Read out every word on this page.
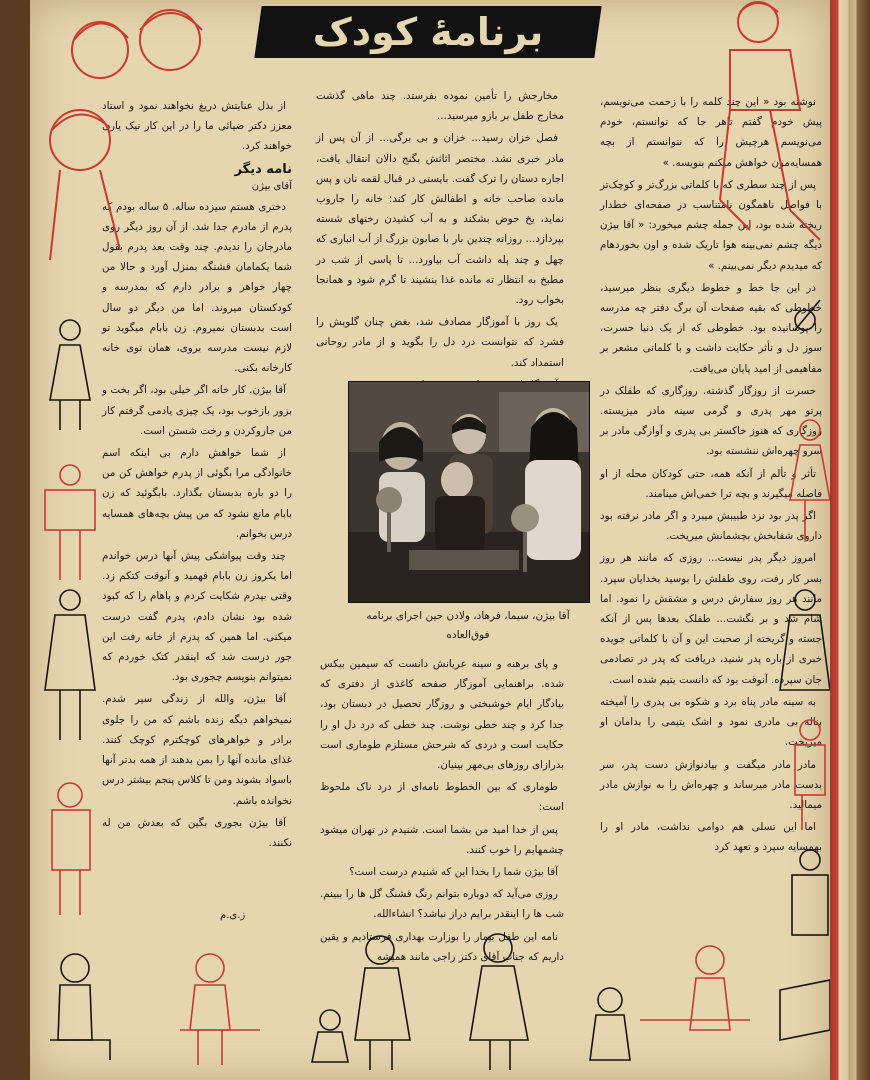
برنامهٔ کودک

نوشته بود « این چند کلمه را با زحمت می‌نویسم، پیش خودم گفتم تاهر جا که توانستم، خودم می‌نویسم هرچیش را که نتوانستم از بچه همسایه‌مون خواهش میکنم بنویسه. »

پس از چند سطری که با کلماتی بزرگ‌تر و کوچک‌تر با فواصل ناهمگون نامتناسب در صفحه‌ای خطدار ریخته شده بود، این جمله چشم میخورد: « آقا بیژن دیگه چشم نمی‌بینه هوا تاریک شده و اون بخوردهام که میدیدم دیگر نمی‌بینم. »

در این جا خط و خطوط دیگری بنظر میرسید، خطوطی که بقیه صفحات آن برگ دفتر چه مدرسه را پوشانیده بود. خطوطی که از یک دنیا حسرت، سوز دل و تأثر حکایت داشت و با کلماتی مشعر بر مفاهیمی از امید پایان می‌یافت.

حسرت از روزگار گذشته. روزگاری که طفلک در پرتو مهر پدری و گرمی سینه مادر میزیسته. روزگاری که هنوز خاکستر بی پدری و آوارگی مادر بر سرو چهره‌اش ننشسته بود.

تأثر و تألم از آنکه همه، حتی کودکان محله از او فاصله میگیرند و بچه ترا خمی‌اش مینامند.

اگر پدر بود نزد طبیبش میبرد و اگر مادر نرفته بود داروی شفابخش بچشمانش میریخت.

امروز دیگر پدر نیست... روزی که مانند هر روز بسر کار رفت، روی طفلش را بوسید بخدایان سپرد. مانند هر روز سفارش درس و مشقش را نمود. اما شام شد و بر نگشت... طفلک بعدها پس از آنکه جسته و گریخته از صحبت این و آن با کلماتی جویده خبری از باره پدر شنید، دریافت که پدر در تصادمی جان سپرده. آنوقت بود که دانست یتیم شده است.

به سینه مادر پناه برد و شکوه بی پدری را آمیخته بناله بی مادری نمود و اشک یتیمی را بدامان او میریخت.

مادر مادر میگفت و بیادنوازش دست پدر، سر بدست مادر میرساند و چهره‌اش را به نوازش مادر میمالید.

اما این تسلی هم دوامی نداشت، مادر او را بهمسایه سپرد و تعهد کرد

مخارجش را تأمین نموده بفرستد. چند ماهی گذشت مخارج طفل بر بازو میرسید...

فصل خزان رسید... خزان و بی برگی... از آن پس از مادر خبری نشد. مختصر اثاثش بگنج دالان انتقال یافت، اجاره دستان را ترک گفت. بایستی در قبال لقمه نان و پس مانده صاحب خانه و اطفالش کار کند: خانه را جاروب نماید، یخ حوض بشکند و به آب کشیدن رختهای شسته بپردازد... روزانه چندین بار با صابون بزرگ از آب انباری که چهل و چند پله داشت آب بیاورد... تا پاسی از شب در مطبخ به انتظار ته مانده غذا بنشیند تا گرم شود و همانجا بخواب رود.

یک روز با آموزگار مصادف شد، بغض چنان گلویش را فشرد که نتوانست درد دل را بگوید و از مادر روحانی استمداد کند.

آقا بیژن، سیما، فرهاد، ولادن حین اجرای برنامه فوق‌العاده

و پای برهنه و سینه عریانش دانست که سیمین بیکس شده. براهنمایی آموزگار صفحه کاغذی از دفتری که بیادگار ایام خوشبختی و روزگار تحصیل در دبستان بود، جدا کرد و چند خطی نوشت. چند خطی که درد دل او را حکایت است و دردی که شرحش مستلزم طوماری است بدرازای روزهای بی‌مهر بینیان.

طوماری که بین الخطوط نامه‌ای از درد ناک ملحوظ است:

پس از خدا امید من بشما است. شنیدم در تهران میشود چشمهایم را خوب کنند.

آقا بیژن شما را بخدا این که شنیدم درست است؟

روزی می‌آید که دوباره بتوانم رنگ قشنگ گل ها را ببینم. شب ها را اینقدر برایم دراز نباشد؟ انشاءالله.

نامه این طفل بیمار را بوزارت بهداری فرستادیم و یقین داریم که جناب آقای دکتر راجی مانند همیشه

از بذل عنایتش دریغ نخواهند نمود و استاد معزز دکتر ضیائی ما را در این کار نیک یاری خواهند کرد.

نامه دیگر
آقای بیژن

دختری هستم سیزده ساله. ۵ ساله بودم که پدرم از مادرم جدا شد. از آن روز دیگر روی مادرجان را ندیدم. چند وقت بعد پدرم بقول شما یکمامان قشنگه بمنزل آورد و حالا من چهار خواهر و برادر دارم که بمدرسه و کودکستان میروند. اما من دیگر دو سال است بدبستان نمیروم. زن بابام میگوید تو لازم نیست مدرسه بروی، همان توی خانه کارخانه بکنی.

آقا بیژن. کار خانه اگر خیلی بود، اگر بخت و بزور بازخوب بود، یک چیزی یادمی گرفتم کار من جاروکردن و رخت شستن است.

از شما خواهش دارم بی اینکه اسم خانوادگی مرا بگوئی از پدرم خواهش کن من را دو باره بدبستان بگذارد. بابگوئید که زن بابام مانع نشود که من پیش بچه‌های همسایه درس بخوانم.

چند وقت پیواشکی پیش آنها درس خواندم اما یکروز زن بابام فهمید و آنوقت کتکم زد. وقتی بپدرم شکایت کردم و پاهام را که کبود شده بود نشان دادم، پدرم گفت درست میکنی. اما همین که پدرم از خانه رفت این جور درست شد که اینقدر کتک خوردم که نمیتوانم بنویسم چجوری بود.

آقا بیژن، والله از زندگی سیر شدم. نمیخواهم دیگه زنده باشم که من را جلوی برادر و خواهرهای کوچکترم کوچک کنند. غذای مانده آنها را بمن بدهند از همه بدتر آنها باسواد بشوند ومن تا کلاس پنجم بیشتر درس نخوانده باشم.

آقا بیژن بجوری بگین که بعدش من له نکنند.

ز.ی.م
